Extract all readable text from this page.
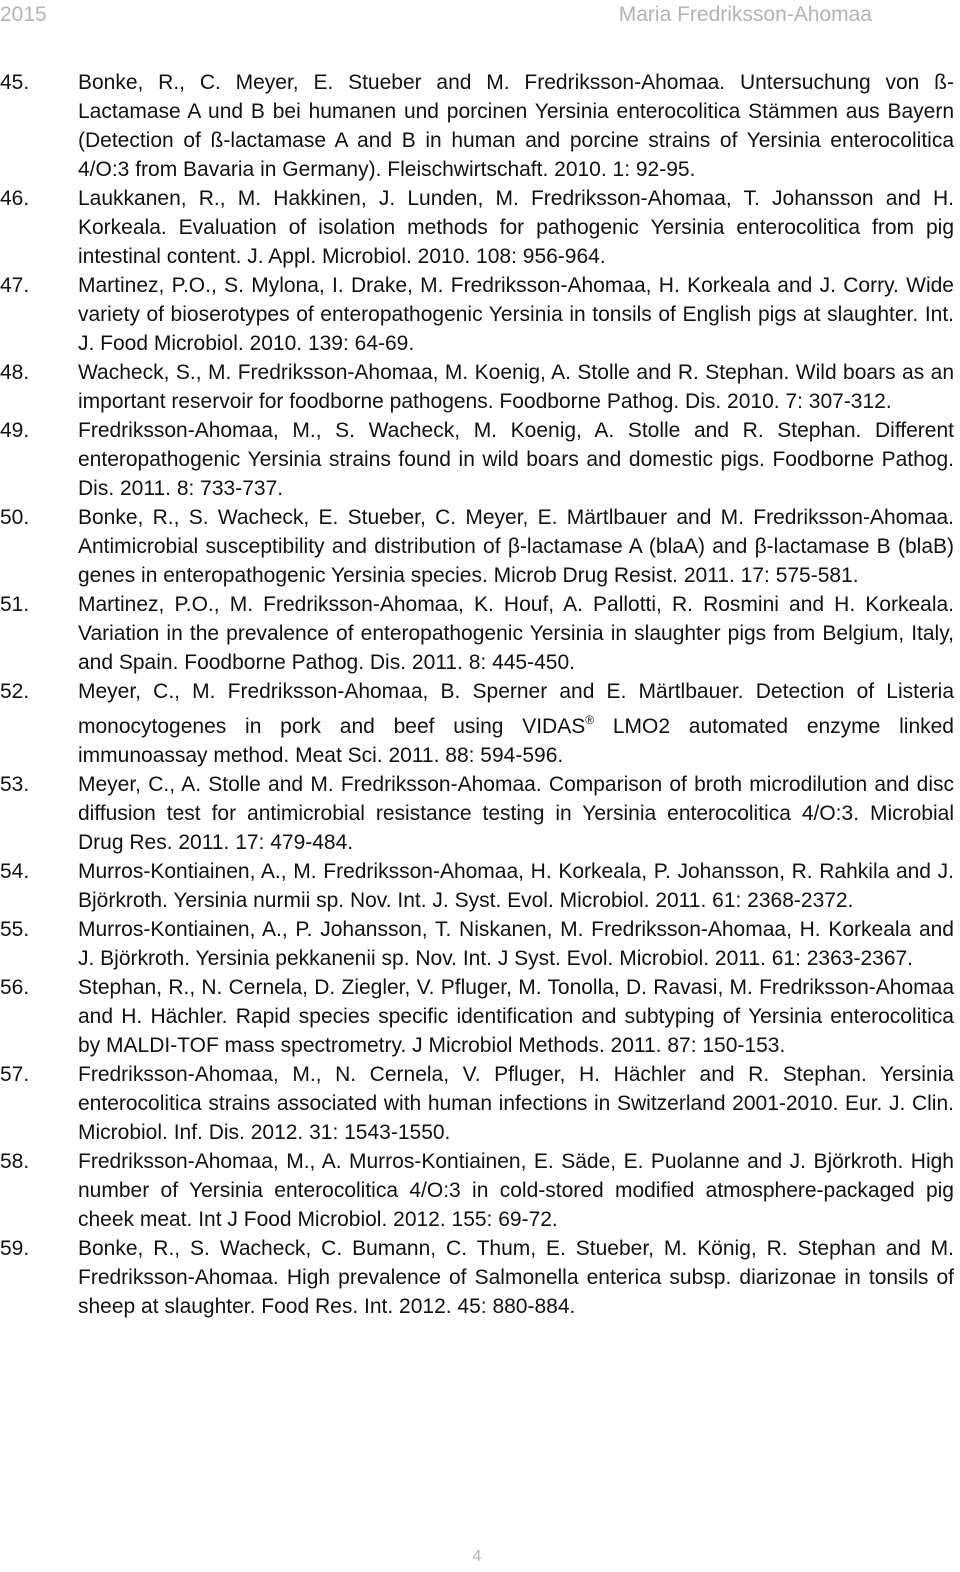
2015	Maria Fredriksson-Ahomaa
45. Bonke, R., C. Meyer, E. Stueber and M. Fredriksson-Ahomaa. Untersuchung von ß-Lactamase A und B bei humanen und porcinen Yersinia enterocolitica Stämmen aus Bayern (Detection of ß-lactamase A and B in human and porcine strains of Yersinia enterocolitica 4/O:3 from Bavaria in Germany). Fleischwirtschaft. 2010. 1: 92-95.
46. Laukkanen, R., M. Hakkinen, J. Lunden, M. Fredriksson-Ahomaa, T. Johansson and H. Korkeala. Evaluation of isolation methods for pathogenic Yersinia enterocolitica from pig intestinal content. J. Appl. Microbiol. 2010. 108: 956-964.
47. Martinez, P.O., S. Mylona, I. Drake, M. Fredriksson-Ahomaa, H. Korkeala and J. Corry. Wide variety of bioserotypes of enteropathogenic Yersinia in tonsils of English pigs at slaughter. Int. J. Food Microbiol. 2010. 139: 64-69.
48. Wacheck, S., M. Fredriksson-Ahomaa, M. Koenig, A. Stolle and R. Stephan. Wild boars as an important reservoir for foodborne pathogens. Foodborne Pathog. Dis. 2010. 7: 307-312.
49. Fredriksson-Ahomaa, M., S. Wacheck, M. Koenig, A. Stolle and R. Stephan. Different enteropathogenic Yersinia strains found in wild boars and domestic pigs. Foodborne Pathog. Dis. 2011. 8: 733-737.
50. Bonke, R., S. Wacheck, E. Stueber, C. Meyer, E. Märtlbauer and M. Fredriksson-Ahomaa. Antimicrobial susceptibility and distribution of β-lactamase A (blaA) and β-lactamase B (blaB) genes in enteropathogenic Yersinia species. Microb Drug Resist. 2011. 17: 575-581.
51. Martinez, P.O., M. Fredriksson-Ahomaa, K. Houf, A. Pallotti, R. Rosmini and H. Korkeala. Variation in the prevalence of enteropathogenic Yersinia in slaughter pigs from Belgium, Italy, and Spain. Foodborne Pathog. Dis. 2011. 8: 445-450.
52. Meyer, C., M. Fredriksson-Ahomaa, B. Sperner and E. Märtlbauer. Detection of Listeria monocytogenes in pork and beef using VIDAS® LMO2 automated enzyme linked immunoassay method. Meat Sci. 2011. 88: 594-596.
53. Meyer, C., A. Stolle and M. Fredriksson-Ahomaa. Comparison of broth microdilution and disc diffusion test for antimicrobial resistance testing in Yersinia enterocolitica 4/O:3. Microbial Drug Res. 2011. 17: 479-484.
54. Murros-Kontiainen, A., M. Fredriksson-Ahomaa, H. Korkeala, P. Johansson, R. Rahkila and J. Björkroth. Yersinia nurmii sp. Nov. Int. J. Syst. Evol. Microbiol. 2011. 61: 2368-2372.
55. Murros-Kontiainen, A., P. Johansson, T. Niskanen, M. Fredriksson-Ahomaa, H. Korkeala and J. Björkroth. Yersinia pekkanenii sp. Nov. Int. J Syst. Evol. Microbiol. 2011. 61: 2363-2367.
56. Stephan, R., N. Cernela, D. Ziegler, V. Pfluger, M. Tonolla, D. Ravasi, M. Fredriksson-Ahomaa and H. Hächler. Rapid species specific identification and subtyping of Yersinia enterocolitica by MALDI-TOF mass spectrometry. J Microbiol Methods. 2011. 87: 150-153.
57. Fredriksson-Ahomaa, M., N. Cernela, V. Pfluger, H. Hächler and R. Stephan. Yersinia enterocolitica strains associated with human infections in Switzerland 2001-2010. Eur. J. Clin. Microbiol. Inf. Dis. 2012. 31: 1543-1550.
58. Fredriksson-Ahomaa, M., A. Murros-Kontiainen, E. Säde, E. Puolanne and J. Björkroth. High number of Yersinia enterocolitica 4/O:3 in cold-stored modified atmosphere-packaged pig cheek meat. Int J Food Microbiol. 2012. 155: 69-72.
59. Bonke, R., S. Wacheck, C. Bumann, C. Thum, E. Stueber, M. König, R. Stephan and M. Fredriksson-Ahomaa. High prevalence of Salmonella enterica subsp. diarizonae in tonsils of sheep at slaughter. Food Res. Int. 2012. 45: 880-884.
4
